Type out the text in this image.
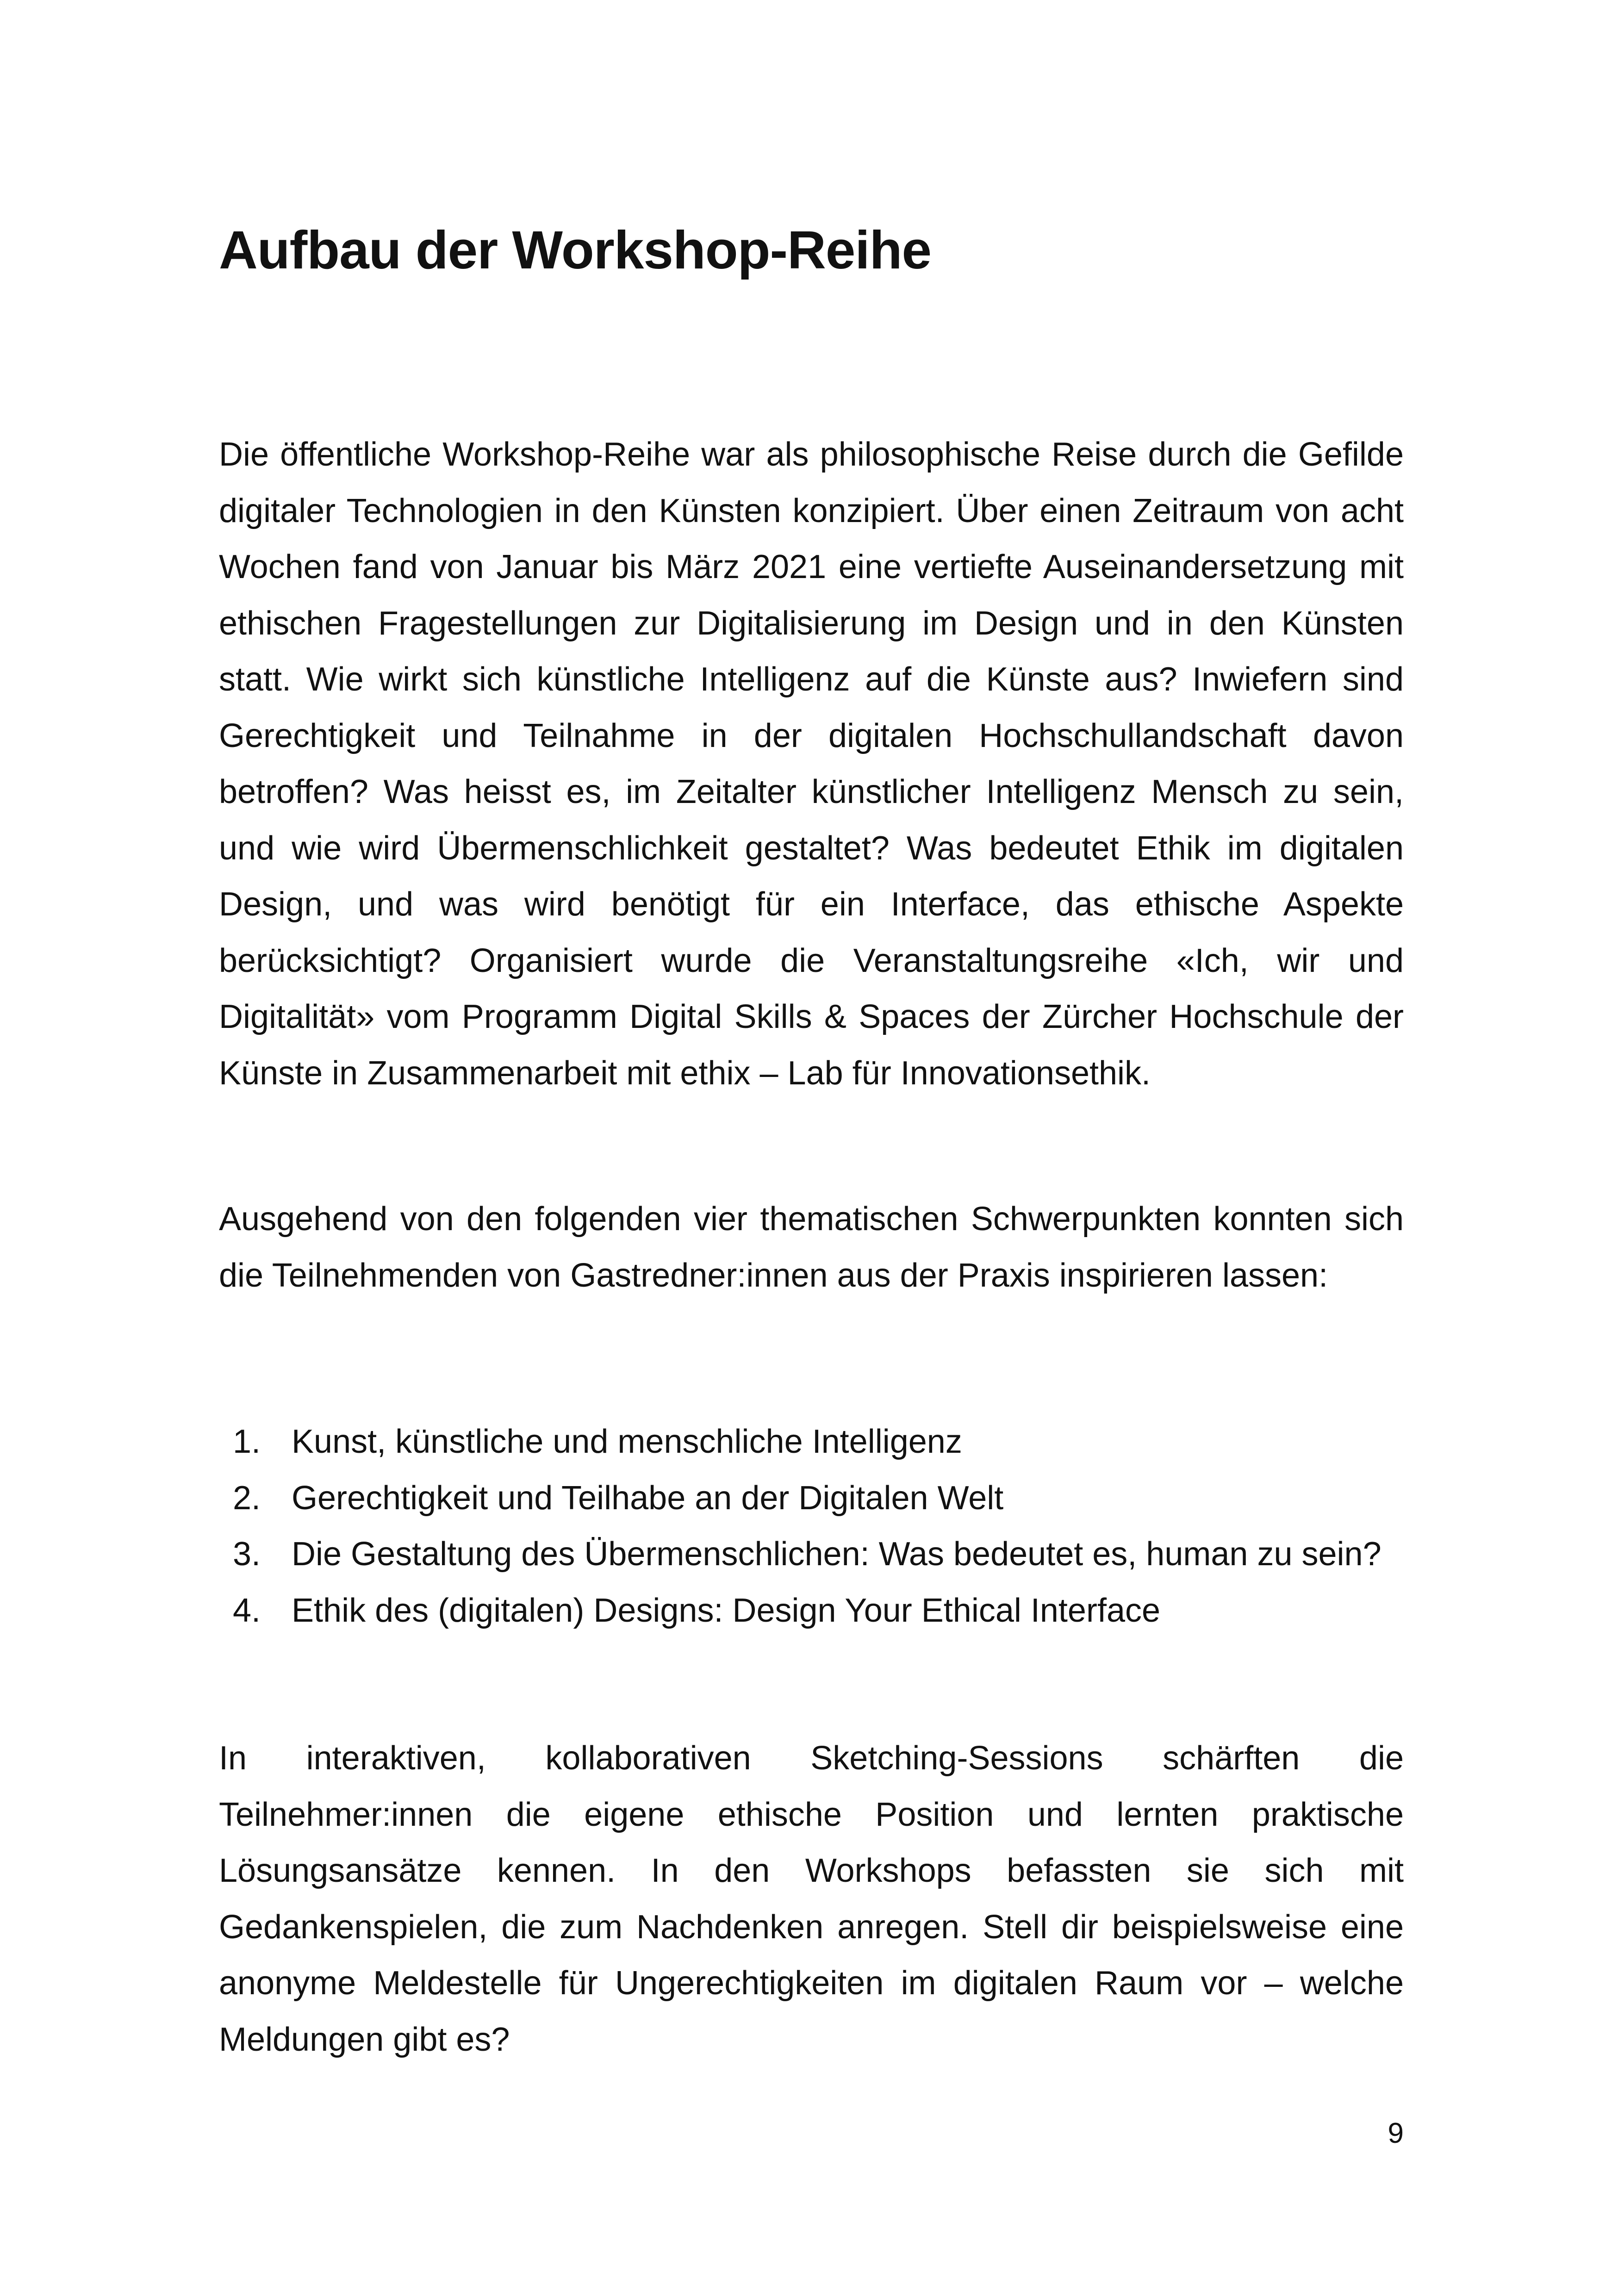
Aufbau der Workshop-Reihe

Die öffentliche Workshop-Reihe war als philosophische Reise durch die Gefilde digitaler Technologien in den Künsten konzipiert. Über einen Zeitraum von acht Wochen fand von Januar bis März 2021 eine vertiefte Auseinandersetzung mit ethischen Fragestellungen zur Digitalisierung im Design und in den Künsten statt. Wie wirkt sich künstliche Intelligenz auf die Künste aus? Inwiefern sind Gerechtigkeit und Teilnahme in der digitalen Hochschullandschaft davon betroffen? Was heisst es, im Zeitalter künstlicher Intelligenz Mensch zu sein, und wie wird Übermenschlichkeit gestaltet? Was bedeutet Ethik im digitalen Design, und was wird benötigt für ein Interface, das ethische Aspekte berücksichtigt? Organisiert wurde die Veranstaltungsreihe «Ich, wir und Digitalität» vom Programm Digital Skills & Spaces der Zürcher Hochschule der Künste in Zusammenarbeit mit ethix – Lab für Innovationsethik.

Ausgehend von den folgenden vier thematischen Schwerpunkten konnten sich die Teilnehmenden von Gastredner:innen aus der Praxis inspirieren lassen:

1. Kunst, künstliche und menschliche Intelligenz
2. Gerechtigkeit und Teilhabe an der Digitalen Welt
3. Die Gestaltung des Übermenschlichen: Was bedeutet es, human zu sein?
4. Ethik des (digitalen) Designs: Design Your Ethical Interface

In interaktiven, kollaborativen Sketching-Sessions schärften die Teilnehmer:innen die eigene ethische Position und lernten praktische Lösungsansätze kennen. In den Workshops befassten sie sich mit Gedankenspielen, die zum Nachdenken anregen. Stell dir beispielsweise eine anonyme Meldestelle für Ungerechtigkeiten im digitalen Raum vor – welche Meldungen gibt es?

9
